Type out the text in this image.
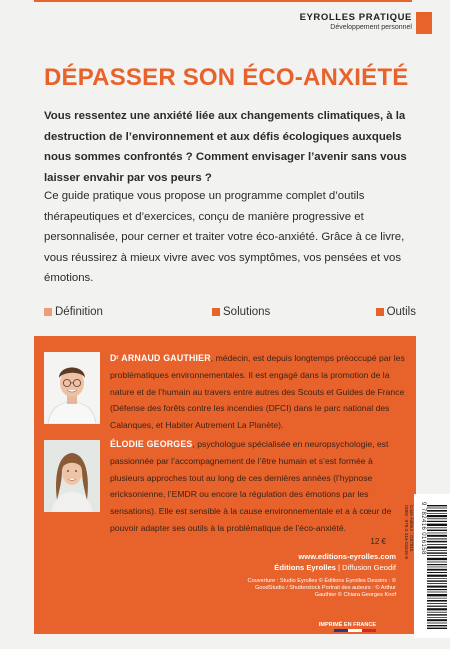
EYROLLES PRATIQUE
Développement personnel
DÉPASSER SON ÉCO-ANXIÉTÉ

Vous ressentez une anxiété liée aux changements climatiques, à la destruction de l’environnement et aux défis écologiques auxquels nous sommes confrontés ? Comment envisager l’avenir sans vous laisser envahir par vos peurs ?

Ce guide pratique vous propose un programme complet d’outils thérapeutiques et d’exercices, conçu de manière progressive et personnalisée, pour cerner et traiter votre éco-anxiété. Grâce à ce livre, vous réussirez à mieux vivre avec vos symptômes, vos pensées et vos émotions.

Définition	Solutions	Outils

Dʳ ARNAUD GAUTHIER, médecin, est depuis longtemps préoccupé par les problématiques environnementales. Il est engagé dans la promotion de la nature et de l’humain au travers entre autres des Scouts et Guides de France (Défense des forêts contre les incendies (DFCI) dans le parc national des Calanques, et Habiter Autrement La Planète).

ÉLODIE GEORGES, psychologue spécialisée en neuropsychologie, est passionnée par l’accompagnement de l’être humain et s’est formée à plusieurs approches tout au long de ces dernières années (l’hypnose ericksonienne, l’EMDR ou encore la régulation des émotions par les sensations). Elle est sensible à la cause environnementale et a à cœur de pouvoir adapter ses outils à la problématique de l’éco-anxiété.

12 €
www.editions-eyrolles.com
Éditions Eyrolles | Diffusion Geodif
Couverture : Studio Eyrolles © Éditions Eyrolles Dessins : © GoodStudio / Shutterstock Portrait des auteurs : © Arthur Gauthier © Chiara Georges Knof
IMPRIMÉ EN FRANCE
Code éditeur : G57815
ISBN : 978-2-416-01615-8 9 782416 016158
